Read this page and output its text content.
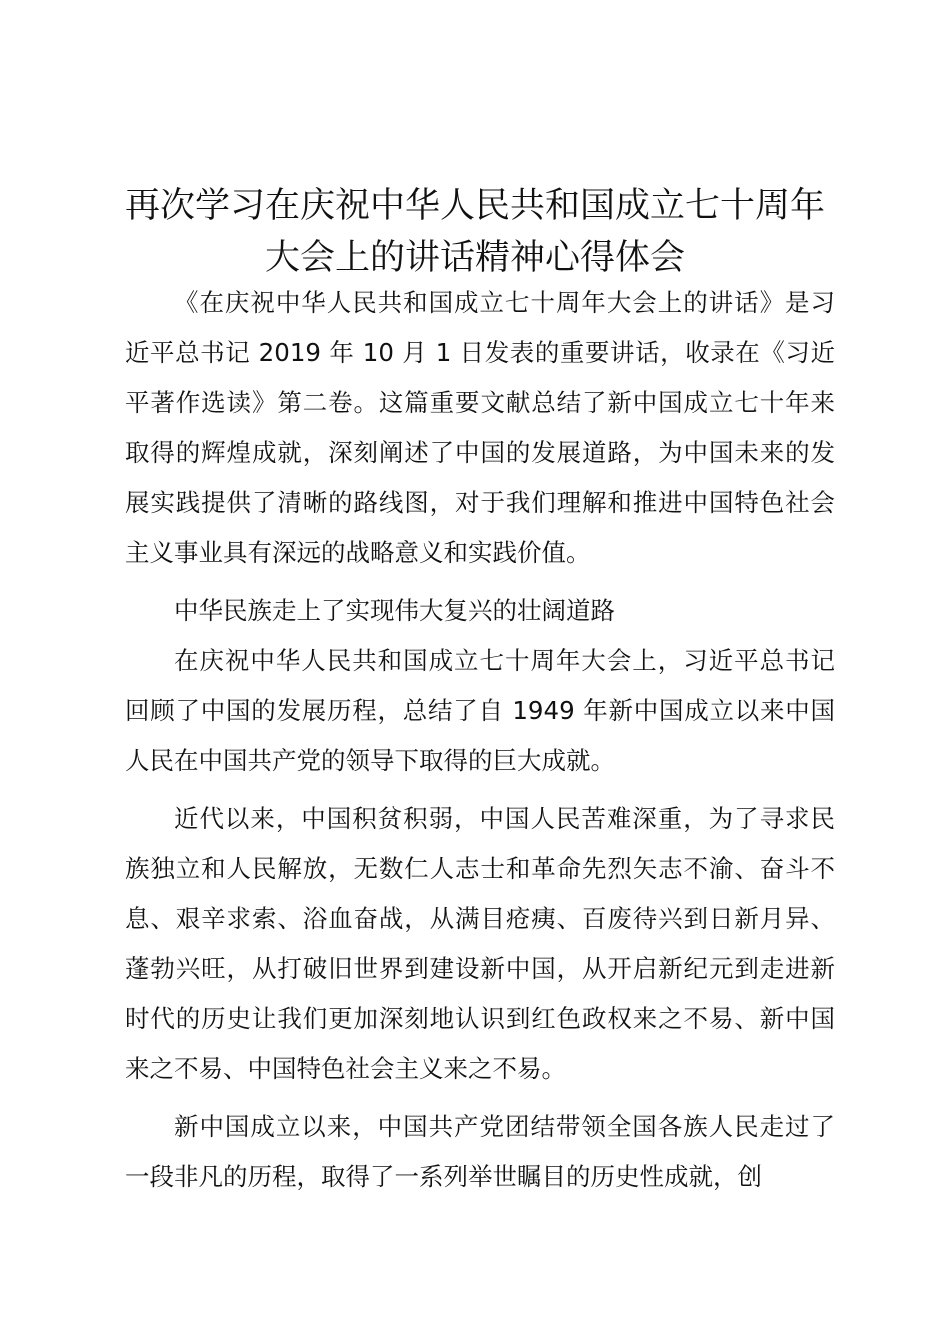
再次学习在庆祝中华人民共和国成立七十周年
大会上的讲话精神心得体会

《在庆祝中华人民共和国成立七十周年大会上的讲话》是习近平总书记 2019 年 10 月 1 日发表的重要讲话，收录在《习近平著作选读》第二卷。这篇重要文献总结了新中国成立七十年来取得的辉煌成就，深刻阐述了中国的发展道路，为中国未来的发展实践提供了清晰的路线图，对于我们理解和推进中国特色社会主义事业具有深远的战略意义和实践价值。

中华民族走上了实现伟大复兴的壮阔道路

在庆祝中华人民共和国成立七十周年大会上，习近平总书记回顾了中国的发展历程，总结了自 1949 年新中国成立以来中国人民在中国共产党的领导下取得的巨大成就。

近代以来，中国积贫积弱，中国人民苦难深重，为了寻求民族独立和人民解放，无数仁人志士和革命先烈矢志不渝、奋斗不息、艰辛求索、浴血奋战，从满目疮痍、百废待兴到日新月异、蓬勃兴旺，从打破旧世界到建设新中国，从开启新纪元到走进新时代的历史让我们更加深刻地认识到红色政权来之不易、新中国来之不易、中国特色社会主义来之不易。

新中国成立以来，中国共产党团结带领全国各族人民走过了一段非凡的历程，取得了一系列举世瞩目的历史性成就，创
